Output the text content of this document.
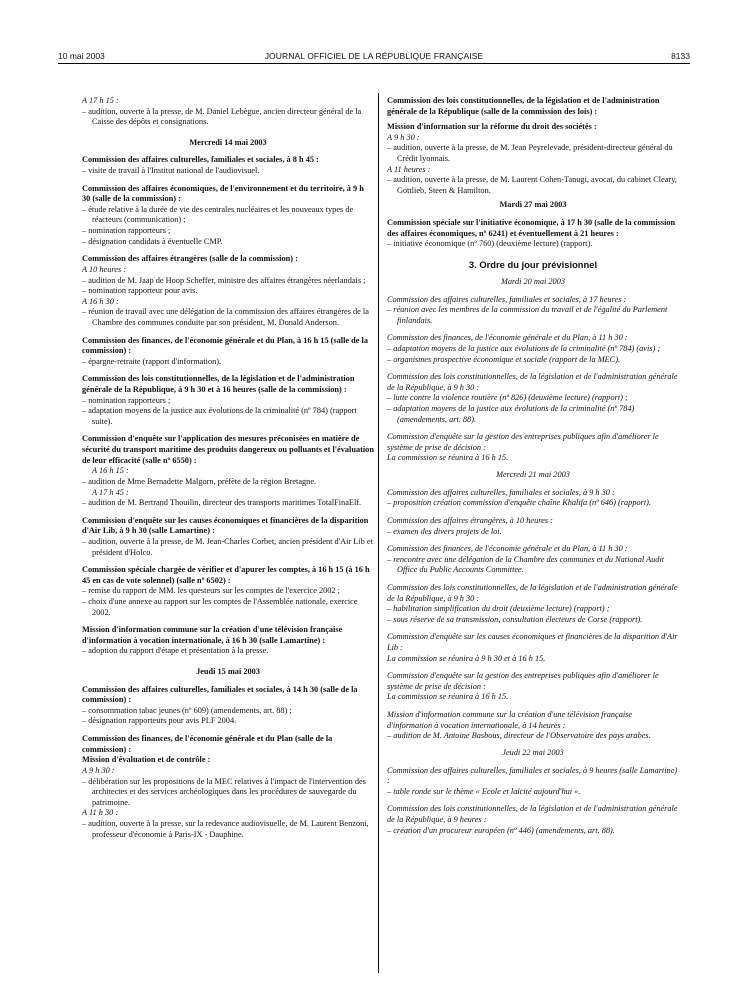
10 mai 2003	JOURNAL OFFICIEL DE LA RÉPUBLIQUE FRANÇAISE	8133

A 17 h 15 :

– audition, ouverte à la presse, de M. Daniel Lebègue, ancien directeur général de la Caisse des dépôts et consignations.

Mercredi 14 mai 2003

Commission des affaires culturelles, familiales et sociales, à 8 h 45 :

– visite de travail à l'Institut national de l'audiovisuel.

Commission des affaires économiques, de l'environnement et du territoire, à 9 h 30 (salle de la commission) :

– étude relative à la durée de vie des centrales nucléaires et les nouveaux types de réacteurs (communication) ;

– nomination rapporteurs ;

– désignation candidats à éventuelle CMP.

Commission des affaires étrangères (salle de la commission) :

A 10 heures :

– audition de M. Jaap de Hoop Scheffer, ministre des affaires étrangères néerlandais ;

– nomination rapporteur pour avis.

A 16 h 30 :

– réunion de travail avec une délégation de la commission des affaires étrangères de la Chambre des communes conduite par son président, M. Donald Anderson.

Commission des finances, de l'économie générale et du Plan, à 16 h 15 (salle de la commission) :

– épargne-retraite (rapport d'information).

Commission des lois constitutionnelles, de la législation et de l'administration générale de la République, à 9 h 30 et à 16 heures (salle de la commission) :

– nomination rapporteurs ;

– adaptation moyens de la justice aux évolutions de la criminalité (nº 784) (rapport suite).

Commission d'enquête sur l'application des mesures préconisées en matière de sécurité du transport maritime des produits dangereux ou polluants et l'évaluation de leur efficacité (salle nº 6550) :

A 16 h 15 :

– audition de Mme Bernadette Malgorn, préfète de la région Bretagne.

A 17 h 45 :

– audition de M. Bertrand Thouilin, directeur des transports maritimes TotalFinaElf.

Commission d'enquête sur les causes économiques et financières de la disparition d'Air Lib, à 9 h 30 (salle Lamartine) :

– audition, ouverte à la presse, de M. Jean-Charles Corbet, ancien président d'Air Lib et président d'Holco.

Commission spéciale chargée de vérifier et d'apurer les comptes, à 16 h 15 (à 16 h 45 en cas de vote solennel) (salle nº 6502) :

– remise du rapport de MM. les questeurs sur les comptes de l'exercice 2002 ;

– choix d'une annexe au rapport sur les comptes de l'Assemblée nationale, exercice 2002.

Mission d'information commune sur la création d'une télévision française d'information à vocation internationale, à 16 h 30 (salle Lamartine) :

– adoption du rapport d'étape et présentation à la presse.

Jeudi 15 mai 2003

Commission des affaires culturelles, familiales et sociales, à 14 h 30 (salle de la commission) :

– consommation tabac jeunes (nº 609) (amendements, art. 88) ;

– désignation rapporteurs pour avis PLF 2004.

Commission des finances, de l'économie générale et du Plan (salle de la commission) :

Mission d'évaluation et de contrôle :

A 9 h 30 :

– délibération sur les propositions de la MEC relatives à l'impact de l'intervention des architectes et des services archéologiques dans les procédures de sauvegarde du patrimoine.

A 11 h 30 :

– audition, ouverte à la presse, sur la redevance audiovisuelle, de M. Laurent Benzoni, professeur d'économie à Paris-IX - Dauphine.

Commission des lois constitutionnelles, de la législation et de l'administration générale de la République (salle de la commission des lois) :

Mission d'information sur la réforme du droit des sociétés :

A 9 h 30 :

– audition, ouverte à la presse, de M. Jean Peyrelevade, président-directeur général du Crédit lyonnais.

A 11 heures :

– audition, ouverte à la presse, de M. Laurent Cohen-Tanugi, avocat, du cabinet Cleary, Gottlieb, Steen & Hamilton.

Mardi 27 mai 2003

Commission spéciale sur l'initiative économique, à 17 h 30 (salle de la commission des affaires économiques, nº 6241) et éventuellement à 21 heures :

– initiative économique (nº 760) (deuxième lecture) (rapport).

3. Ordre du jour prévisionnel

Mardi 20 mai 2003

Commission des affaires culturelles, familiales et sociales, à 17 heures :

– réunion avec les membres de la commission du travail et de l'égalité du Parlement finlandais.

Commission des finances, de l'économie générale et du Plan, à 11 h 30 :

– adaptation moyens de la justice aux évolutions de la criminalité (nº 784) (avis) ;

– organismes prospective économique et sociale (rapport de la MEC).

Commission des lois constitutionnelles, de la législation et de l'administration générale de la République, à 9 h 30 :

– lutte contre la violence routière (nº 826) (deuxième lecture) (rapport) ;

– adaptation moyens de la justice aux évolutions de la criminalité (nº 784) (amendements, art. 88).

Commission d'enquête sur la gestion des entreprises publiques afin d'améliorer le système de prise de décision :

La commission se réunira à 16 h 15.

Mercredi 21 mai 2003

Commission des affaires culturelles, familiales et sociales, à 9 h 30 :

– proposition création commission d'enquête chaîne Khalifa (nº 646) (rapport).

Commission des affaires étrangères, à 10 heures :

– examen des divers projets de loi.

Commission des finances, de l'économie générale et du Plan, à 11 h 30 :

– rencontre avec une délégation de la Chambre des communes et du National Audit Office du Public Accounts Committee.

Commission des lois constitutionnelles, de la législation et de l'administration générale de la République, à 9 h 30 :

– habilitation simplification du droit (deuxième lecture) (rapport) ;

– sous réserve de sa transmission, consultation électeurs de Corse (rapport).

Commission d'enquête sur les causes économiques et financières de la disparition d'Air Lib :

La commission se réunira à 9 h 30 et à 16 h 15.

Commission d'enquête sur la gestion des entreprises publiques afin d'améliorer le système de prise de décision :

La commission se réunira à 16 h 15.

Mission d'information commune sur la création d'une télévision française d'information à vocation internationale, à 14 heures :

– audition de M. Antoine Basbous, directeur de l'Observatoire des pays arabes.

Jeudi 22 mai 2003

Commission des affaires culturelles, familiales et sociales, à 9 heures (salle Lamartine) :

– table ronde sur le thème « Ecole et laïcité aujourd'hui ».

Commission des lois constitutionnelles, de la législation et de l'administration générale de la République, à 9 heures :

– création d'un procureur européen (nº 446) (amendements, art. 88).
